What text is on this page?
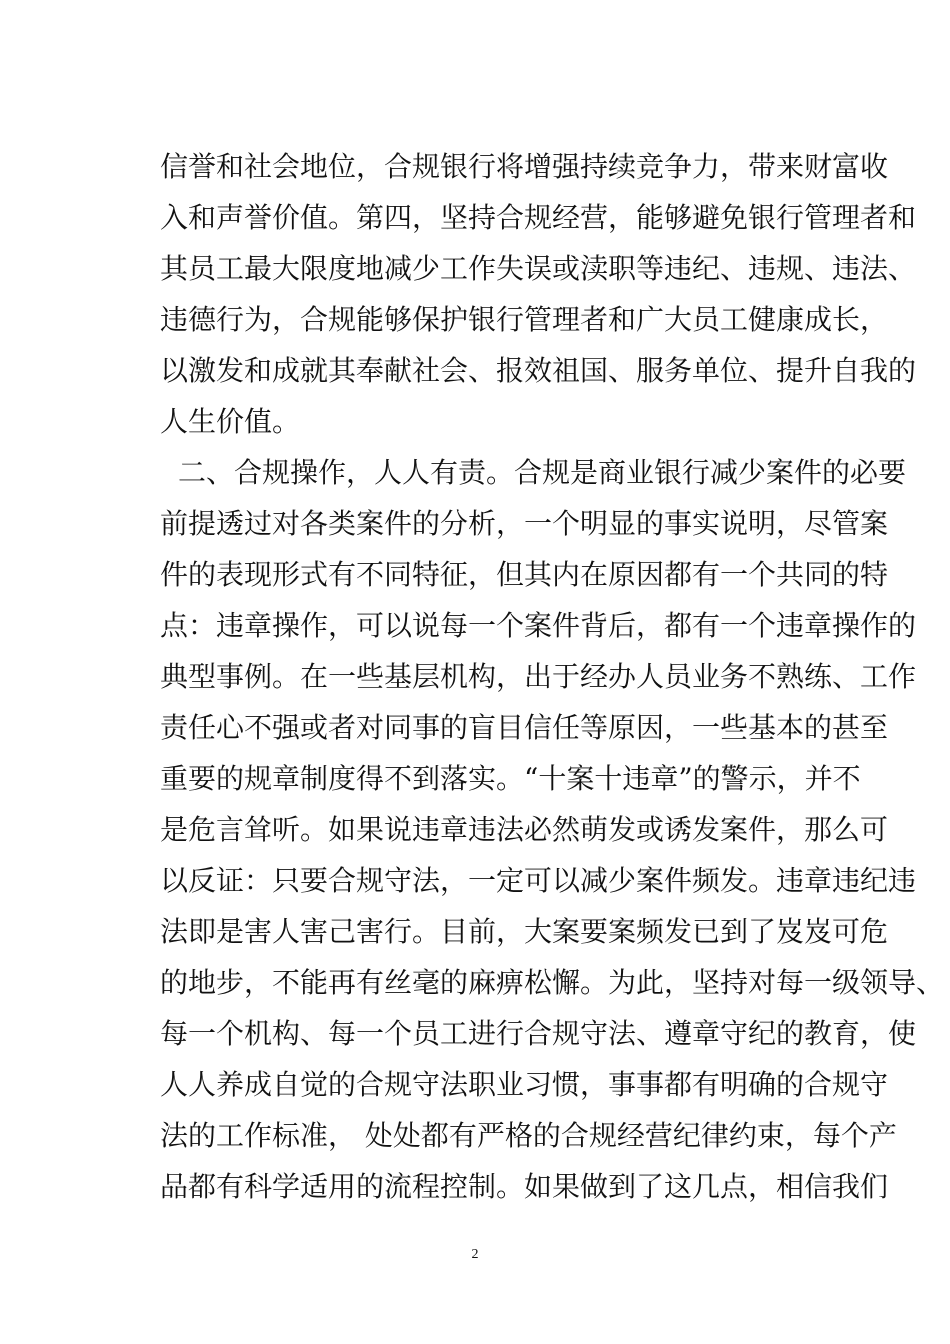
信誉和社会地位，合规银行将增强持续竞争力，带来财富收
入和声誉价值。第四，坚持合规经营，能够避免银行管理者和
其员工最大限度地减少工作失误或渎职等违纪、违规、违法、
违德行为，合规能够保护银行管理者和广大员工健康成长，
以激发和成就其奉献社会、报效祖国、服务单位、提升自我的
人生价值。
二、合规操作，人人有责。合规是商业银行减少案件的必要
前提透过对各类案件的分析，一个明显的事实说明，尽管案
件的表现形式有不同特征，但其内在原因都有一个共同的特
点：违章操作，可以说每一个案件背后，都有一个违章操作的
典型事例。在一些基层机构，出于经办人员业务不熟练、工作
责任心不强或者对同事的盲目信任等原因，一些基本的甚至
重要的规章制度得不到落实。“十案十违章”的警示，并不
是危言耸听。如果说违章违法必然萌发或诱发案件，那么可
以反证：只要合规守法，一定可以减少案件频发。违章违纪违
法即是害人害己害行。目前，大案要案频发已到了岌岌可危
的地步，不能再有丝毫的麻痹松懈。为此，坚持对每一级领导、
每一个机构、每一个员工进行合规守法、遵章守纪的教育，使
人人养成自觉的合规守法职业习惯，事事都有明确的合规守
法的工作标准， 处处都有严格的合规经营纪律约束，每个产
品都有科学适用的流程控制。如果做到了这几点，相信我们
2
